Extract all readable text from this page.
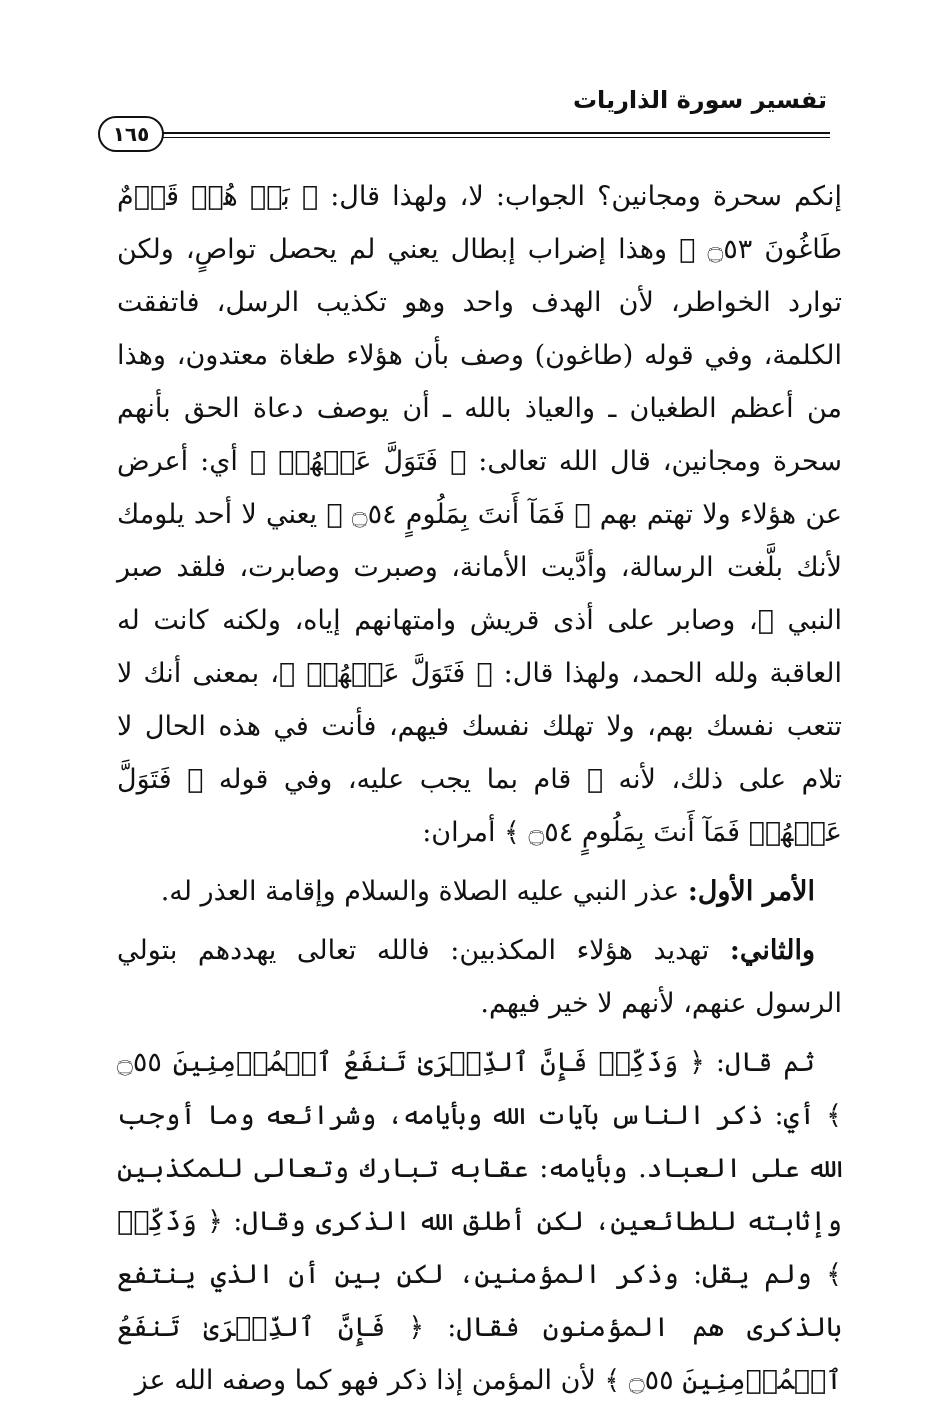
تفسير سورة الذاريات
١٦٥

إنكم سحرة ومجانين؟ الجواب: لا، ولهذا قال: ﴿ بَلۡ هُمۡ قَوۡمٌ طَاغُونَ ۝٥٣ ﴾ وهذا إضراب إبطال يعني لم يحصل تواصٍ، ولكن توارد الخواطر، لأن الهدف واحد وهو تكذيب الرسل، فاتفقت الكلمة، وفي قوله (طاغون) وصف بأن هؤلاء طغاة معتدون، وهذا من أعظم الطغيان ـ والعياذ بالله ـ أن يوصف دعاة الحق بأنهم سحرة ومجانين، قال الله تعالى: ﴿ فَتَوَلَّ عَنۡهُمۡ ﴾ أي: أعرض عن هؤلاء ولا تهتم بهم ﴿ فَمَآ أَنتَ بِمَلُومٍ ۝٥٤ ﴾ يعني لا أحد يلومك لأنك بلَّغت الرسالة، وأدَّيت الأمانة، وصبرت وصابرت، فلقد صبر النبي ﷺ، وصابر على أذى قريش وامتهانهم إياه، ولكنه كانت له العاقبة ولله الحمد، ولهذا قال: ﴿ فَتَوَلَّ عَنۡهُمۡ ﴾، بمعنى أنك لا تتعب نفسك بهم، ولا تهلك نفسك فيهم، فأنت في هذه الحال لا تلام على ذلك، لأنه ﷺ قام بما يجب عليه، وفي قوله ﴿ فَتَوَلَّ عَنۡهُمۡ فَمَآ أَنتَ بِمَلُومٍ ۝٥٤ ﴾ أمران:

 الأمر الأول: عذر النبي عليه الصلاة والسلام وإقامة العذر له.

 والثاني: تهديد هؤلاء المكذبين: فالله تعالى يهددهم بتولي الرسول عنهم، لأنهم لا خير فيهم.

 ثم قال: ﴿ وَذَكِّرۡ فَإِنَّ ٱلذِّكۡرَىٰ تَنفَعُ ٱلۡمُؤۡمِنِينَ ۝٥٥ ﴾ أي: ذكر الناس بآيات الله وبأيامه، وشرائعه وما أوجب الله على العباد. وبأيامه: عقابه تبارك وتعالى للمكذبين وإثابته للطائعين، لكن أطلق الله الذكرى وقال: ﴿ وَذَكِّرۡ ﴾ ولم يقل: وذكر المؤمنين، لكن بين أن الذي ينتفع بالذكرى هم المؤمنون فقال: ﴿ فَإِنَّ ٱلذِّكۡرَىٰ تَنفَعُ ٱلۡمُؤۡمِنِينَ ۝٥٥ ﴾ لأن المؤمن إذا ذكر فهو كما وصفه الله عز
